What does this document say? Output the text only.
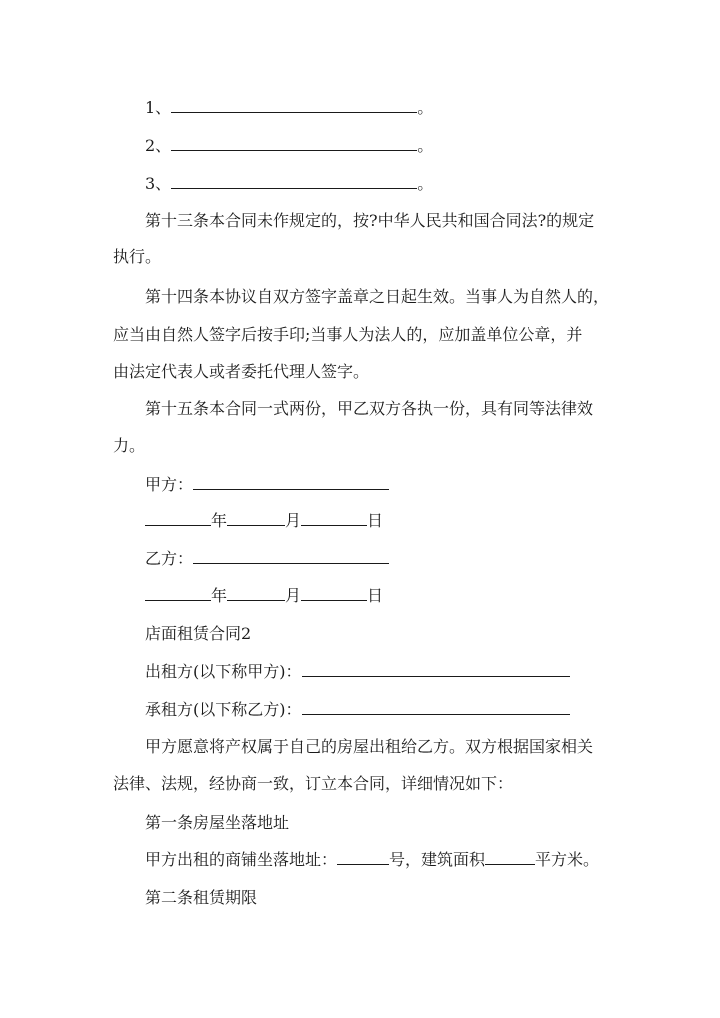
1、	。
2、	。
3、	。
第十三条本合同未作规定的，按?中华人民共和国合同法?的规定
执行。
第十四条本协议自双方签字盖章之日起生效。当事人为自然人的，
应当由自然人签字后按手印;当事人为法人的，应加盖单位公章，并
由法定代表人或者委托代理人签字。
第十五条本合同一式两份，甲乙双方各执一份，具有同等法律效
力。
甲方：
年	月	日
乙方：
年	月	日
店面租赁合同2
出租方(以下称甲方)：
承租方(以下称乙方)：
甲方愿意将产权属于自己的房屋出租给乙方。双方根据国家相关
法律、法规，经协商一致，订立本合同，详细情况如下：
第一条房屋坐落地址
甲方出租的商铺坐落地址：	号，建筑面积	平方米。
第二条租赁期限
